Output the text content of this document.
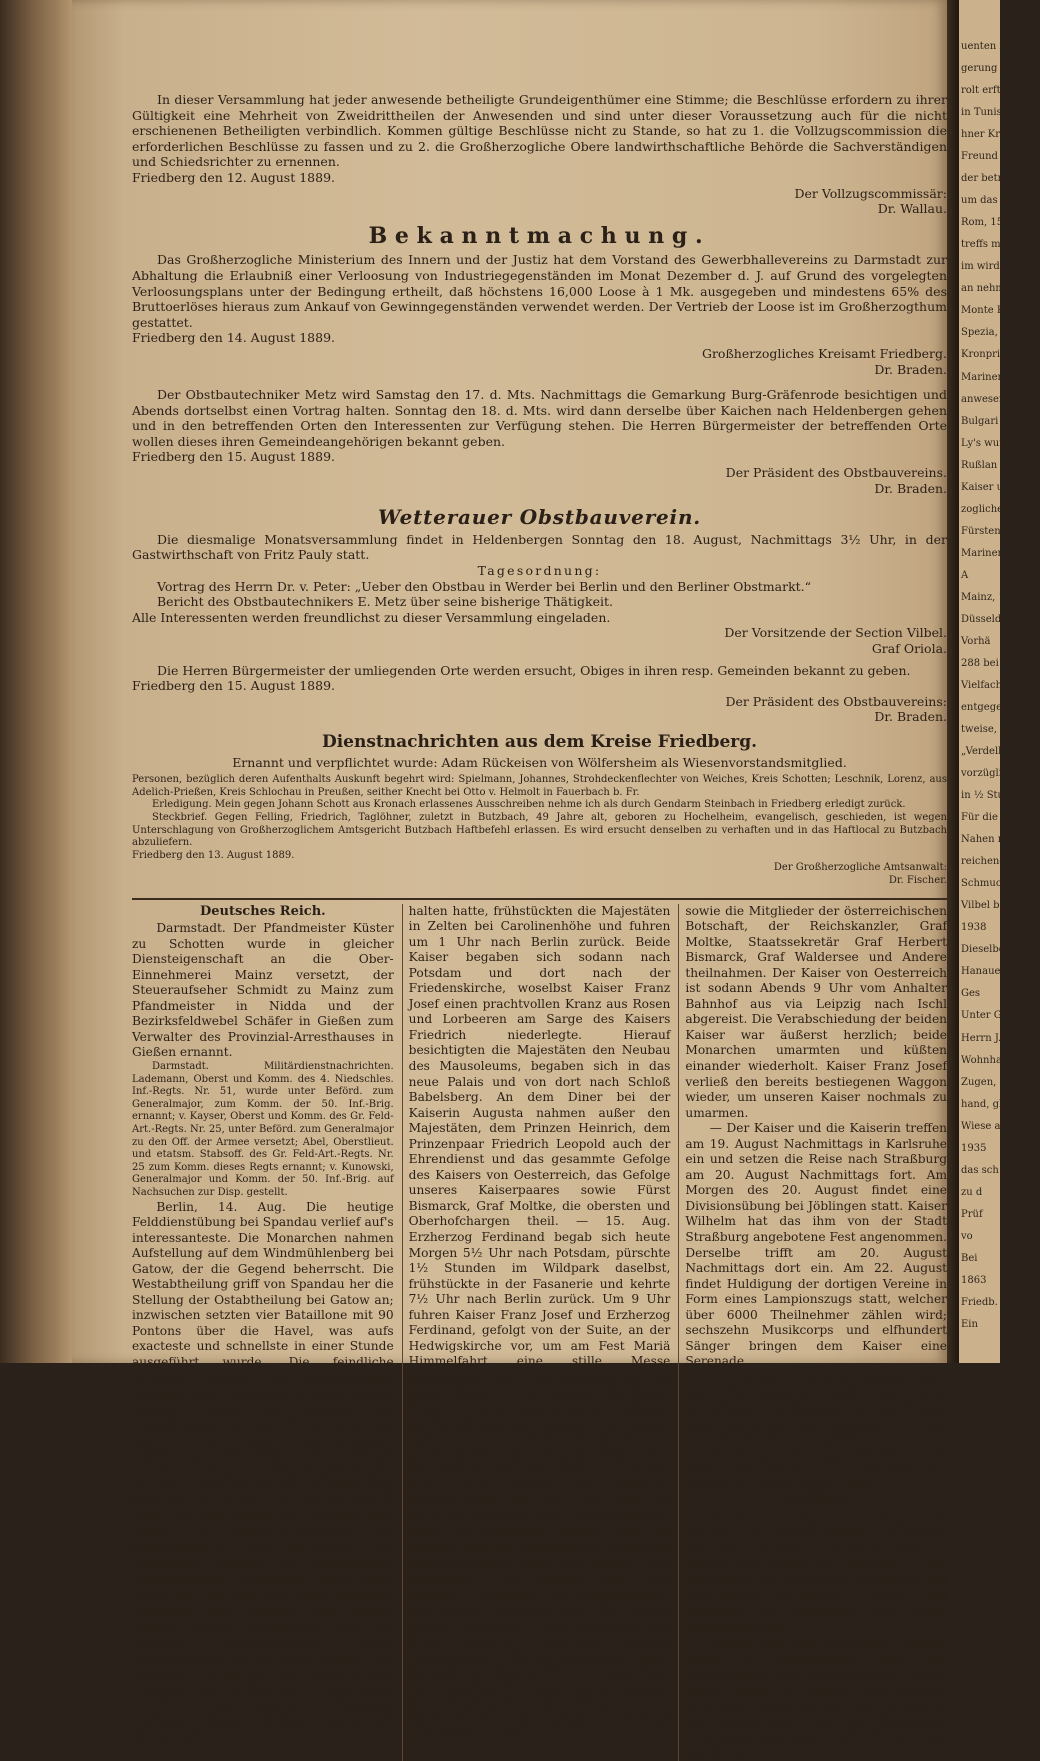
In dieser Versammlung hat jeder anwesende betheiligte Grundeigenthümer eine Stimme; die Beschlüsse erfordern zu ihrer Gültigkeit eine Mehrheit von Zweidrittheilen der Anwesenden und sind unter dieser Voraussetzung auch für die nicht erschienenen Betheiligten verbindlich. Kommen gültige Beschlüsse nicht zu Stande, so hat zu 1. die Vollzugscommission die erforderlichen Beschlüsse zu fassen und zu 2. die Großherzogliche Obere landwirthschaftliche Behörde die Sachverständigen und Schiedsrichter zu ernennen.

Friedberg den 12. August 1889.

Der Vollzugscommissär:

Dr. Wallau.

Bekanntmachung.

Das Großherzogliche Ministerium des Innern und der Justiz hat dem Vorstand des Gewerbhallevereins zu Darmstadt zur Abhaltung die Erlaubniß einer Verloosung von Industriegegenständen im Monat Dezember d. J. auf Grund des vorgelegten Verloosungsplans unter der Bedingung ertheilt, daß höchstens 16,000 Loose à 1 Mk. ausgegeben und mindestens 65% des Bruttoerlöses hieraus zum Ankauf von Gewinngegenständen verwendet werden. Der Vertrieb der Loose ist im Großherzogthum gestattet.

Friedberg den 14. August 1889.

Großherzogliches Kreisamt Friedberg.

Dr. Braden.

Der Obstbautechniker Metz wird Samstag den 17. d. Mts. Nachmittags die Gemarkung Burg-Gräfenrode besichtigen und Abends dortselbst einen Vortrag halten. Sonntag den 18. d. Mts. wird dann derselbe über Kaichen nach Heldenbergen gehen und in den betreffenden Orten den Interessenten zur Verfügung stehen. Die Herren Bürgermeister der betreffenden Orte wollen dieses ihren Gemeindeangehörigen bekannt geben.

Friedberg den 15. August 1889.

Der Präsident des Obstbauvereins.

Dr. Braden.

Wetterauer Obstbauverein.

Die diesmalige Monatsversammlung findet in Heldenbergen Sonntag den 18. August, Nachmittags 3½ Uhr, in der Gastwirthschaft von Fritz Pauly statt.

Tagesordnung:

Vortrag des Herrn Dr. v. Peter: „Ueber den Obstbau in Werder bei Berlin und den Berliner Obstmarkt.“

Bericht des Obstbautechnikers E. Metz über seine bisherige Thätigkeit.

Alle Interessenten werden freundlichst zu dieser Versammlung eingeladen.

Der Vorsitzende der Section Vilbel.

Graf Oriola.

Die Herren Bürgermeister der umliegenden Orte werden ersucht, Obiges in ihren resp. Gemeinden bekannt zu geben.

Friedberg den 15. August 1889.

Der Präsident des Obstbauvereins:

Dr. Braden.

Dienstnachrichten aus dem Kreise Friedberg.

Ernannt und verpflichtet wurde: Adam Rückeisen von Wölfersheim als Wiesenvorstandsmitglied.

Personen, bezüglich deren Aufenthalts Auskunft begehrt wird: Spielmann, Johannes, Strohdeckenflechter von Weiches, Kreis Schotten; Leschnik, Lorenz, aus Adelich-Prießen, Kreis Schlochau in Preußen, seither Knecht bei Otto v. Helmolt in Fauerbach b. Fr.

Erledigung. Mein gegen Johann Schott aus Kronach erlassenes Ausschreiben nehme ich als durch Gendarm Steinbach in Friedberg erledigt zurück.

Steckbrief. Gegen Felling, Friedrich, Taglöhner, zuletzt in Butzbach, 49 Jahre alt, geboren zu Hochelheim, evangelisch, geschieden, ist wegen Unterschlagung von Großherzoglichem Amtsgericht Butzbach Haftbefehl erlassen. Es wird ersucht denselben zu verhaften und in das Haftlocal zu Butzbach abzuliefern.

Friedberg den 13. August 1889.

Der Großherzogliche Amtsanwalt:

Dr. Fischer.

Deutsches Reich.

Darmstadt. Der Pfandmeister Küster zu Schotten wurde in gleicher Diensteigenschaft an die Ober-Einnehmerei Mainz versetzt, der Steueraufseher Schmidt zu Mainz zum Pfandmeister in Nidda und der Bezirksfeldwebel Schäfer in Gießen zum Verwalter des Provinzial-Arresthauses in Gießen ernannt.

Darmstadt. Militärdienstnachrichten. Lademann, Oberst und Komm. des 4. Niedschles. Inf.-Regts. Nr. 51, wurde unter Beförd. zum Generalmajor, zum Komm. der 50. Inf.-Brig. ernannt; v. Kayser, Oberst und Komm. des Gr. Feld-Art.-Regts. Nr. 25, unter Beförd. zum Generalmajor zu den Off. der Armee versetzt; Abel, Oberstlieut. und etatsm. Stabsoff. des Gr. Feld-Art.-Regts. Nr. 25 zum Komm. dieses Regts ernannt; v. Kunowski, Generalmajor und Komm. der 50. Inf.-Brig. auf Nachsuchen zur Disp. gestellt.

Berlin, 14. Aug. Die heutige Felddienstübung bei Spandau verlief auf's interessanteste. Die Monarchen nahmen Aufstellung auf dem Windmühlenberg bei Gatow, der die Gegend beherrscht. Die Westabtheilung griff von Spandau her die Stellung der Ostabtheilung bei Gatow an; inzwischen setzten vier Bataillone mit 90 Pontons über die Havel, was aufs exacteste und schnellste in einer Stunde ausgeführt wurde. Die feindliche Artillerie beschoß die übersetzenden Truppen; das Feuergefecht wurde immer heftiger, wobei die Truppen der Ostabtheilung mit dem Pulver neuer Art fast rauchlos schossen, was besonders auffiel, da der Feind altes Pulver verschoß und ganz in Rauch gehüllt war. Auf der linken Flanke der Ostabtheilung fand ein Zusammenstoß der Kavallerie statt; zwei Regimenter der Ostabtheilung warfen ein Kürassierregiment der Westabtheilung zurück. Der Erbprinz von Meiningen, welcher die Ostabtheilung kommandierte, verlängerte seine Front durch die vier über die Havel gesetzten Bataillone und beschloß den minder starken Feind anzugreifen und auf Spandau zurückzuwerfen. Nach stundenlangem hartnäckigen Kampfe, der besonders heftig auf dem linken Flügel entbrannt war, endete die Uebung gegen 12 Uhr vor der Südseite von Spandau. Nachdem Kaiser Wilhelm persönlich Kritik abge-

halten hatte, frühstückten die Majestäten in Zelten bei Carolinenhöhe und fuhren um 1 Uhr nach Berlin zurück. Beide Kaiser begaben sich sodann nach Potsdam und dort nach der Friedenskirche, woselbst Kaiser Franz Josef einen prachtvollen Kranz aus Rosen und Lorbeeren am Sarge des Kaisers Friedrich niederlegte. Hierauf besichtigten die Majestäten den Neubau des Mausoleums, begaben sich in das neue Palais und von dort nach Schloß Babelsberg. An dem Diner bei der Kaiserin Augusta nahmen außer den Majestäten, dem Prinzen Heinrich, dem Prinzenpaar Friedrich Leopold auch der Ehrendienst und das gesammte Gefolge des Kaisers von Oesterreich, das Gefolge unseres Kaiserpaares sowie Fürst Bismarck, Graf Moltke, die obersten und Oberhofchargen theil. — 15. Aug. Erzherzog Ferdinand begab sich heute Morgen 5½ Uhr nach Potsdam, pürschte 1½ Stunden im Wildpark daselbst, frühstückte in der Fasanerie und kehrte 7½ Uhr nach Berlin zurück. Um 9 Uhr fuhren Kaiser Franz Josef und Erzherzog Ferdinand, gefolgt von der Suite, an der Hedwigskirche vor, um am Fest Mariä Himmelfahrt eine stille Messe mitzufeiern. Um 1 Uhr begaben sich die beiden Kaiser in die Kaserne des Kaiser Franz-Grenadier-Regiments und nahmen die Parade über das Regiment ab. Darauf nahmen sie am Frühstück im festlich geschmückten Officierscasino theil, wobei der Oberst des Regiments auf Kaiser Franz Josef toastete, die Hoffnung aussprechend, daß der hohe Chef die Ehre des Besuches noch oft wiederholen möge. Am Frühstück nahmen auch die Prinzen Heinrich, Albrecht und Erzherzog Franz Ferdinand, sowie Graf Moltke, Graf Waldersee, Graf Kalnoky und Graf Herbert v. Bismarck, der Kriegsminister und andere Personen theil. Die beiden Kaiser, Erzherzog Franz Ferdinand und Prinz Heinrich besuchten sodann Nachmittags 4 Uhr die Unfallverhütungs-Ausstellung. Abends 6½ Uhr fand Tafel im königlichen Schlosse statt, an welcher die Majestäten, die Prinzen und Fürstlichkeiten, das gesammte Gefolge und der Ehrendienst,

sowie die Mitglieder der österreichischen Botschaft, der Reichskanzler, Graf Moltke, Staatssekretär Graf Herbert Bismarck, Graf Waldersee und Andere theilnahmen. Der Kaiser von Oesterreich ist sodann Abends 9 Uhr vom Anhalter Bahnhof aus via Leipzig nach Ischl abgereist. Die Verabschiedung der beiden Kaiser war äußerst herzlich; beide Monarchen umarmten und küßten einander wiederholt. Kaiser Franz Josef verließ den bereits bestiegenen Waggon wieder, um unseren Kaiser nochmals zu umarmen.

— Der Kaiser und die Kaiserin treffen am 19. August Nachmittags in Karlsruhe ein und setzen die Reise nach Straßburg am 20. August Nachmittags fort. Am Morgen des 20. August findet eine Divisionsübung bei Jöblingen statt. Kaiser Wilhelm hat das ihm von der Stadt Straßburg angebotene Fest angenommen. Derselbe trifft am 20. August Nachmittags dort ein. Am 22. August findet Huldigung der dortigen Vereine in Form eines Lampionszugs statt, welcher über 6000 Theilnehmer zählen wird; sechszehn Musikcorps und elfhundert Sänger bringen dem Kaiser eine Serenade.

— Wie die „Nat.-Ztg.“ meldet, wird der Reichskanzler nach den jetzt getroffenen Anordnungen sich am Freitag oder spätestens am Samstag von hier nach Friedrichsruh begeben.

Homburg, 14. Aug. Der Prinz von Wales ist heute zu mehrwöchigem Kurgebrauch hier eingetroffen.

Ausland.

Frankreich. Paris, 14. Aug. Der oberste Gerichtshof erklärte Boulanger der Veruntreuung und Unterschlagung öffentlicher Gelder für schuldig, unter Ausschließung mildernder Umstände und verurtheilte Boulanger, Dillon und Rochefort zur Deportation nach einem befestigten Orte.

Italien. Rom. Der Tod Cairoli's scheint Anlaß zu Enthüllungen über die Treulosigkeit der französischen Politik gegen Italien zu geben. Man erinnert sich, daß Cairoli stürzte, weil er sich in der tunesischen Frage von Frankreich vollständig überlisten ließ. Es soll nun aus Docu-

uenten für
gerung ihr 3
rolt erft ihr
in Tunis unt
hner Krach
Freund Cairo
der betreffend
um das Ander
Rom, 15.
treffs morgen
im wird das
an nehmen,
Monte Rosa
Spezia,
Kronprinzen,
Marineminist
anwesend.
Bulgari
Ly's wurde j
Rußlan
Kaiser und d
zoglichen Pa
Fürsten Mich
Marinemanö
A
Mainz, 1
Düsseldorfer D
Vorhä
288 bei
Vielfachen
entgegenkomm
tweise, tabell
„Verdelli
vorzüglichst
in ½ Stund
Für die R
Nahen nach
reichender Bet
Schmuckeinlag
Vilbel b
1938
Dieselben
Hanauer Str.
Ges
Unter G
Herrn J. E.
Wohnhaus
Zugen, sch
hand, gl
Wiese abgehe
1935
das sch
zu d
Prüf
vo
Bei
1863
Friedb.
Ein
